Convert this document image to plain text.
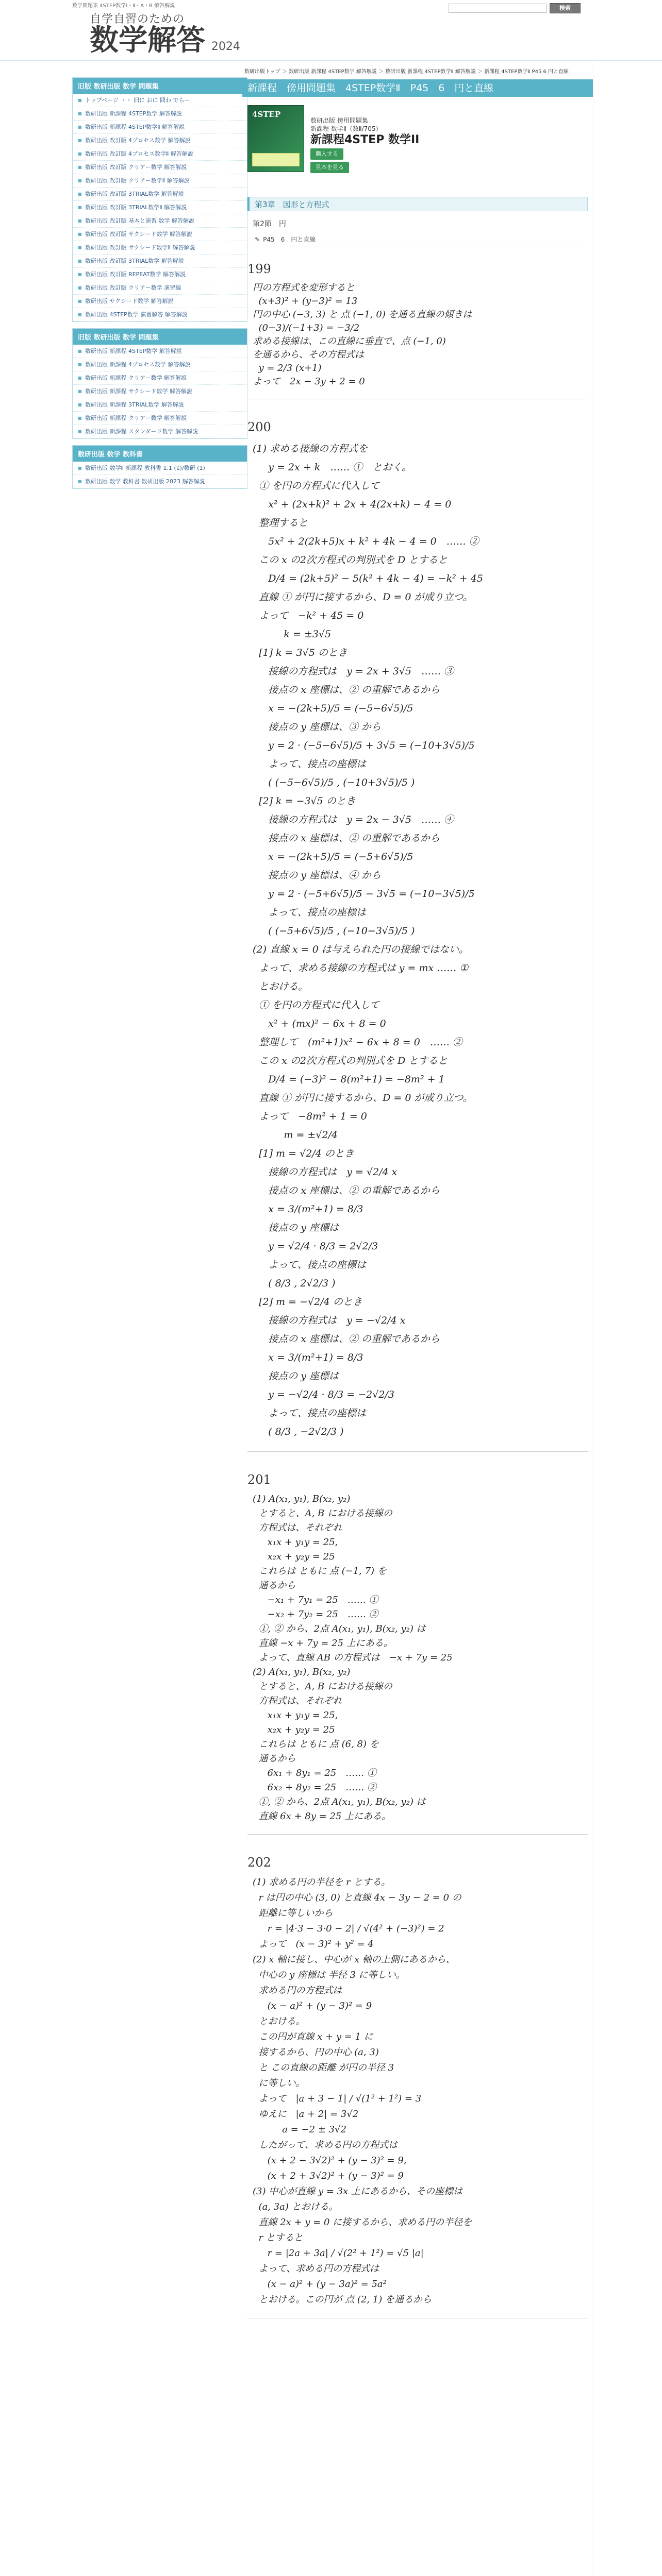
数学問題集 4STEP数学Ⅰ・Ⅱ・A・B 解答解説
自学自習のための
数学解答 2024
検索
旧版 数研出版 数学 問題集
■ トップページ ・・ 旧に おに 問わ でらー
■ 数研出版 新課程 4STEP数学 解答解説
■ 数研出版 新課程 4STEP数学Ⅱ 解答解説
■ 数研出版 改訂版 4プロセス数学 解答解説
■ 数研出版 改訂版 4プロセス数学Ⅱ 解答解説
■ 数研出版 改訂版 クリアー数学 解答解説
■ 数研出版 改訂版 クリアー数学Ⅱ 解答解説
■ 数研出版 改訂版 3TRIAL数学 解答解説
■ 数研出版 改訂版 3TRIAL数学Ⅱ 解答解説
■ 数研出版 改訂版 基本と演習 数学 解答解説
■ 数研出版 改訂版 サクシード数学 解答解説
■ 数研出版 改訂版 サクシード数学Ⅱ 解答解説
■ 数研出版 改訂版 3TRIAL数学 解答解説
■ 数研出版 改訂版 REPEAT数学 解答解説
■ 数研出版 改訂版 クリアー数学 演習編
■ 数研出版 サクシード数学 解答解説
■ 数研出版 4STEP数学 演習解答 解答解説
旧版 数研出版 数学 問題集
■ 数研出版 新課程 4STEP数学 解答解説
■ 数研出版 新課程 4プロセス数学 解答解説
■ 数研出版 新課程 クリアー数学 解答解説
■ 数研出版 新課程 サクシード数学 解答解説
■ 数研出版 新課程 3TRIAL数学 解答解説
■ 数研出版 新課程 クリアー数学 解答解説
■ 数研出版 新課程 スタンダード数学 解答解説
数研出版 数学 教科書
■ 数研出版 数学Ⅱ 新課程 教科書 1.1 (1)/数研 (1)
■ 数研出版 数学 教科書 数研出版 2023 解答解説
数研出版トップ ＞ 数研出版 新課程 4STEP数学 解答解説 ＞ 数研出版 新課程 4STEP数学Ⅱ 解答解説 ＞ 新課程 4STEP数学Ⅱ P45 6 円と直線
新課程　傍用問題集　4STEP数学Ⅱ　P45　6　円と直線
4STEP
数研出版 傍用問題集
新課程 数学Ⅱ（数Ⅱ/705）
新課程4STEP 数学II
購入する
見本を見る
第3章　図形と方程式
第2節　円
✎ P45　6　円と直線
199
円の方程式を変形すると
(x+3)² + (y−3)² = 13
円の中心 (−3, 3) と 点 (−1, 0) を通る直線の傾きは
(0−3)/(−1+3) = −3/2
求める接線は、この直線に垂直で、点 (−1, 0)
を通るから、その方程式は
y = 2/3 (x+1)
よって　2x − 3y + 2 = 0
200
(1) 求める接線の方程式を
y = 2x + k　…… ①　とおく。
① を円の方程式に代入して
x² + (2x+k)² + 2x + 4(2x+k) − 4 = 0
整理すると
5x² + 2(2k+5)x + k² + 4k − 4 = 0　…… ②
この x の2次方程式の判別式を D とすると
D/4 = (2k+5)² − 5(k² + 4k − 4) = −k² + 45
直線 ① が円に接するから、D = 0 が成り立つ。
よって　−k² + 45 = 0
k = ±3√5
[1] k = 3√5 のとき
接線の方程式は　y = 2x + 3√5　…… ③
接点の x 座標は、② の重解であるから
x = −(2k+5)/5 = (−5−6√5)/5
接点の y 座標は、③ から
y = 2 · (−5−6√5)/5 + 3√5 = (−10+3√5)/5
よって、接点の座標は
( (−5−6√5)/5 , (−10+3√5)/5 )
[2] k = −3√5 のとき
接線の方程式は　y = 2x − 3√5　…… ④
接点の x 座標は、② の重解であるから
x = −(2k+5)/5 = (−5+6√5)/5
接点の y 座標は、④ から
y = 2 · (−5+6√5)/5 − 3√5 = (−10−3√5)/5
よって、接点の座標は
( (−5+6√5)/5 , (−10−3√5)/5 )
(2) 直線 x = 0 は与えられた円の接線ではない。
よって、求める接線の方程式は y = mx …… ①
とおける。
① を円の方程式に代入して
x² + (mx)² − 6x + 8 = 0
整理して　(m²+1)x² − 6x + 8 = 0　…… ②
この x の2次方程式の判別式を D とすると
D/4 = (−3)² − 8(m²+1) = −8m² + 1
直線 ① が円に接するから、D = 0 が成り立つ。
よって　−8m² + 1 = 0
m = ±√2/4
[1] m = √2/4 のとき
接線の方程式は　y = √2/4 x
接点の x 座標は、② の重解であるから
x = 3/(m²+1) = 8/3
接点の y 座標は
y = √2/4 · 8/3 = 2√2/3
よって、接点の座標は
( 8/3 , 2√2/3 )
[2] m = −√2/4 のとき
接線の方程式は　y = −√2/4 x
接点の x 座標は、② の重解であるから
x = 3/(m²+1) = 8/3
接点の y 座標は
y = −√2/4 · 8/3 = −2√2/3
よって、接点の座標は
( 8/3 , −2√2/3 )
201
(1) A(x₁, y₁), B(x₂, y₂)
とすると、A, B における接線の
方程式は、それぞれ
x₁x + y₁y = 25,
x₂x + y₂y = 25
これらは ともに 点 (−1, 7) を
通るから
−x₁ + 7y₁ = 25　…… ①
−x₂ + 7y₂ = 25　…… ②
①, ② から、2点 A(x₁, y₁), B(x₂, y₂) は
直線 −x + 7y = 25 上にある。
よって、直線 AB の方程式は　−x + 7y = 25
(2) A(x₁, y₁), B(x₂, y₂)
とすると、A, B における接線の
方程式は、それぞれ
x₁x + y₁y = 25,
x₂x + y₂y = 25
これらは ともに 点 (6, 8) を
通るから
6x₁ + 8y₁ = 25　…… ①
6x₂ + 8y₂ = 25　…… ②
①, ② から、2点 A(x₁, y₁), B(x₂, y₂) は
直線 6x + 8y = 25 上にある。
202
(1) 求める円の半径を r とする。
r は円の中心 (3, 0) と直線 4x − 3y − 2 = 0 の
距離に等しいから
r = |4·3 − 3·0 − 2| / √(4² + (−3)²) = 2
よって　(x − 3)² + y² = 4
(2) x 軸に接し、中心が x 軸の上側にあるから、
中心の y 座標は 半径 3 に等しい。
求める円の方程式は
(x − a)² + (y − 3)² = 9
とおける。
この円が直線 x + y = 1 に
接するから、円の中心 (a, 3)
と この直線の距離 が円の半径 3
に等しい。
よって　|a + 3 − 1| / √(1² + 1²) = 3
ゆえに　|a + 2| = 3√2
a = −2 ± 3√2
したがって、求める円の方程式は
(x + 2 − 3√2)² + (y − 3)² = 9,
(x + 2 + 3√2)² + (y − 3)² = 9
(3) 中心が直線 y = 3x 上にあるから、その座標は
(a, 3a) とおける。
直線 2x + y = 0 に接するから、求める円の半径を
r とすると
r = |2a + 3a| / √(2² + 1²) = √5 |a|
よって、求める円の方程式は
(x − a)² + (y − 3a)² = 5a²
とおける。この円が 点 (2, 1) を通るから
